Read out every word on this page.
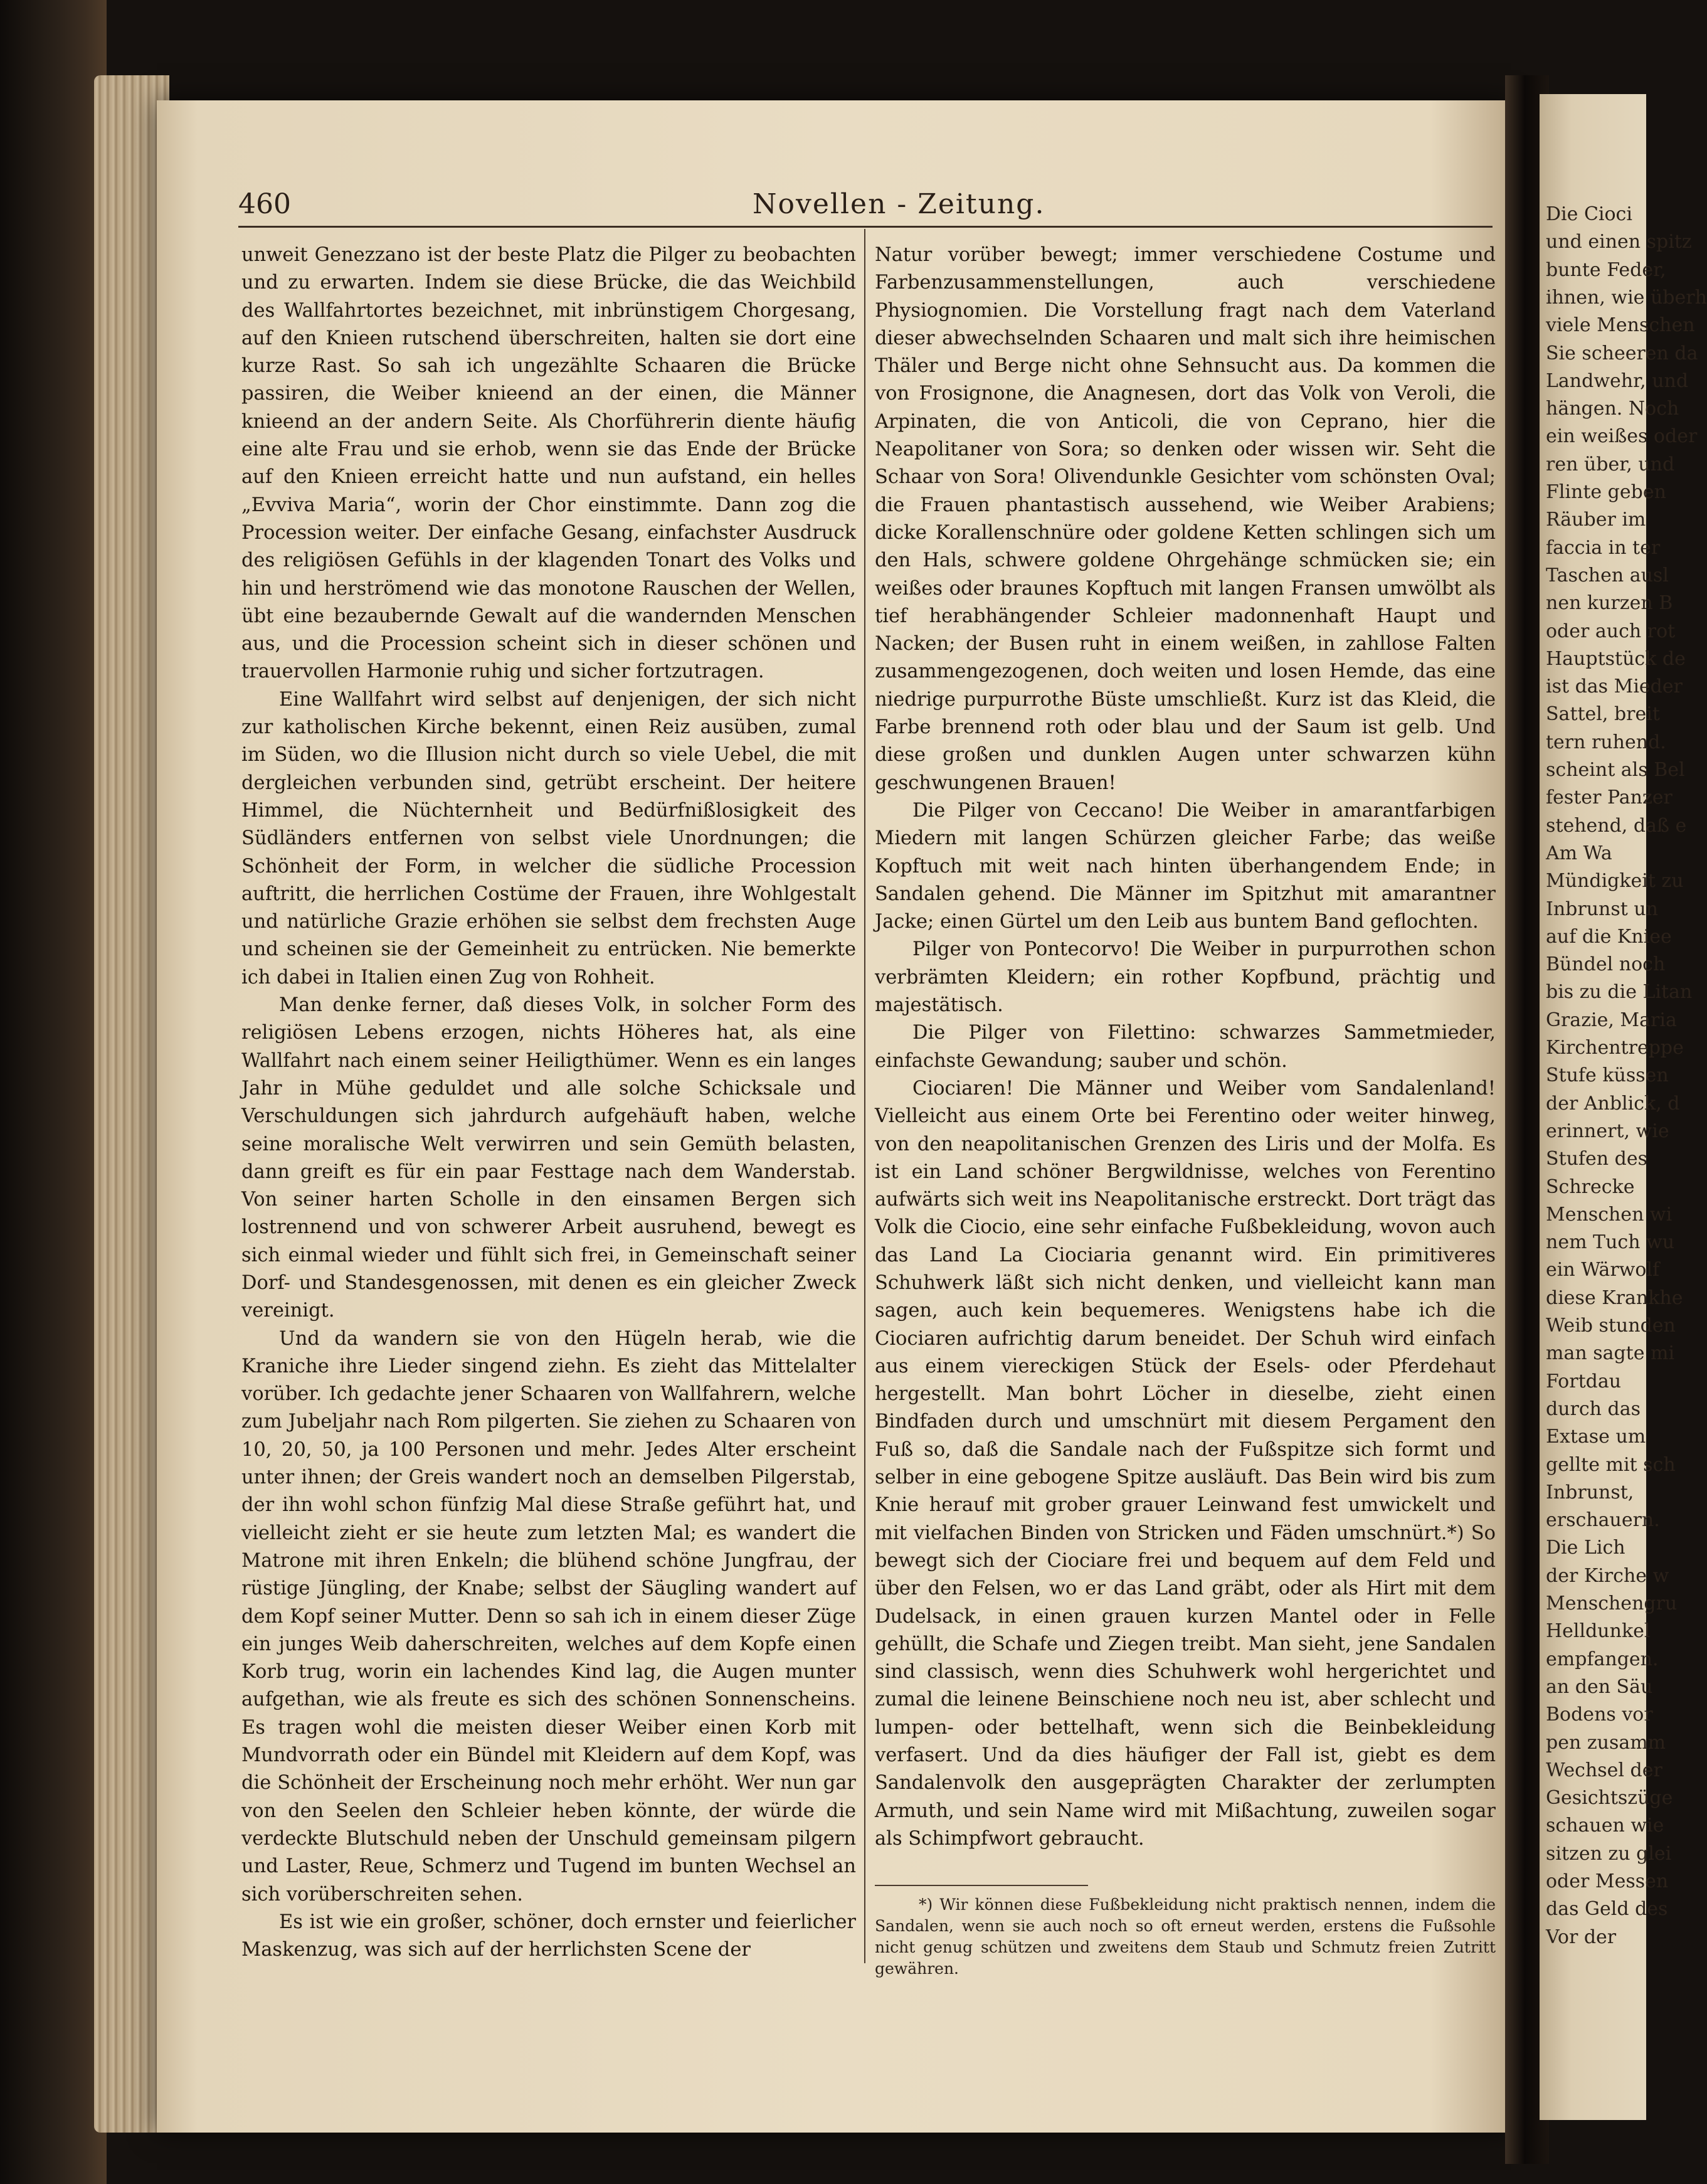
460	Novellen - Zeitung.

unweit Genezzano ist der beste Platz die Pilger zu beobachten und zu erwarten. Indem sie diese Brücke, die das Weichbild des Wallfahrtortes bezeichnet, mit inbrünstigem Chorgesang, auf den Knieen rutschend überschreiten, halten sie dort eine kurze Rast. So sah ich ungezählte Schaaren die Brücke passiren, die Weiber knieend an der einen, die Männer knieend an der andern Seite. Als Chorführerin diente häufig eine alte Frau und sie erhob, wenn sie das Ende der Brücke auf den Knieen erreicht hatte und nun aufstand, ein helles „Evviva Maria“, worin der Chor einstimmte. Dann zog die Procession weiter. Der einfache Gesang, einfachster Ausdruck des religiösen Gefühls in der klagenden Tonart des Volks und hin und herströmend wie das monotone Rauschen der Wellen, übt eine bezaubernde Gewalt auf die wandernden Menschen aus, und die Procession scheint sich in dieser schönen und trauervollen Harmonie ruhig und sicher fortzutragen.

Eine Wallfahrt wird selbst auf denjenigen, der sich nicht zur katholischen Kirche bekennt, einen Reiz ausüben, zumal im Süden, wo die Illusion nicht durch so viele Uebel, die mit dergleichen verbunden sind, getrübt erscheint. Der heitere Himmel, die Nüchternheit und Bedürfnißlosigkeit des Südländers entfernen von selbst viele Unordnungen; die Schönheit der Form, in welcher die südliche Procession auftritt, die herrlichen Costüme der Frauen, ihre Wohlgestalt und natürliche Grazie erhöhen sie selbst dem frechsten Auge und scheinen sie der Gemeinheit zu entrücken. Nie bemerkte ich dabei in Italien einen Zug von Rohheit.

Man denke ferner, daß dieses Volk, in solcher Form des religiösen Lebens erzogen, nichts Höheres hat, als eine Wallfahrt nach einem seiner Heiligthümer. Wenn es ein langes Jahr in Mühe geduldet und alle solche Schicksale und Verschuldungen sich jahrdurch aufgehäuft haben, welche seine moralische Welt verwirren und sein Gemüth belasten, dann greift es für ein paar Festtage nach dem Wanderstab. Von seiner harten Scholle in den einsamen Bergen sich lostrennend und von schwerer Arbeit ausruhend, bewegt es sich einmal wieder und fühlt sich frei, in Gemeinschaft seiner Dorf- und Standesgenossen, mit denen es ein gleicher Zweck vereinigt.

Und da wandern sie von den Hügeln herab, wie die Kraniche ihre Lieder singend ziehn. Es zieht das Mittelalter vorüber. Ich gedachte jener Schaaren von Wallfahrern, welche zum Jubeljahr nach Rom pilgerten. Sie ziehen zu Schaaren von 10, 20, 50, ja 100 Personen und mehr. Jedes Alter erscheint unter ihnen; der Greis wandert noch an demselben Pilgerstab, der ihn wohl schon fünfzig Mal diese Straße geführt hat, und vielleicht zieht er sie heute zum letzten Mal; es wandert die Matrone mit ihren Enkeln; die blühend schöne Jungfrau, der rüstige Jüngling, der Knabe; selbst der Säugling wandert auf dem Kopf seiner Mutter. Denn so sah ich in einem dieser Züge ein junges Weib daherschreiten, welches auf dem Kopfe einen Korb trug, worin ein lachendes Kind lag, die Augen munter aufgethan, wie als freute es sich des schönen Sonnenscheins. Es tragen wohl die meisten dieser Weiber einen Korb mit Mundvorrath oder ein Bündel mit Kleidern auf dem Kopf, was die Schönheit der Erscheinung noch mehr erhöht. Wer nun gar von den Seelen den Schleier heben könnte, der würde die verdeckte Blutschuld neben der Unschuld gemeinsam pilgern und Laster, Reue, Schmerz und Tugend im bunten Wechsel an sich vorüberschreiten sehen.

Es ist wie ein großer, schöner, doch ernster und feierlicher Maskenzug, was sich auf der herrlichsten Scene der

Natur vorüber bewegt; immer verschiedene Costume und Farbenzusammenstellungen, auch verschiedene Physiognomien. Die Vorstellung fragt nach dem Vaterland dieser abwechselnden Schaaren und malt sich ihre heimischen Thäler und Berge nicht ohne Sehnsucht aus. Da kommen die von Frosignone, die Anagnesen, dort das Volk von Veroli, die Arpinaten, die von Anticoli, die von Ceprano, hier die Neapolitaner von Sora; so denken oder wissen wir. Seht die Schaar von Sora! Olivendunkle Gesichter vom schönsten Oval; die Frauen phantastisch aussehend, wie Weiber Arabiens; dicke Korallenschnüre oder goldene Ketten schlingen sich um den Hals, schwere goldene Ohrgehänge schmücken sie; ein weißes oder braunes Kopftuch mit langen Fransen umwölbt als tief herabhängender Schleier madonnenhaft Haupt und Nacken; der Busen ruht in einem weißen, in zahllose Falten zusammengezogenen, doch weiten und losen Hemde, das eine niedrige purpurrothe Büste umschließt. Kurz ist das Kleid, die Farbe brennend roth oder blau und der Saum ist gelb. Und diese großen und dunklen Augen unter schwarzen kühn geschwungenen Brauen!

Die Pilger von Ceccano! Die Weiber in amarantfarbigen Miedern mit langen Schürzen gleicher Farbe; das weiße Kopftuch mit weit nach hinten überhangendem Ende; in Sandalen gehend. Die Männer im Spitzhut mit amarantner Jacke; einen Gürtel um den Leib aus buntem Band geflochten.

Pilger von Pontecorvo! Die Weiber in purpurrothen schon verbrämten Kleidern; ein rother Kopfbund, prächtig und majestätisch.

Die Pilger von Filettino: schwarzes Sammetmieder, einfachste Gewandung; sauber und schön.

Ciociaren! Die Männer und Weiber vom Sandalenland! Vielleicht aus einem Orte bei Ferentino oder weiter hinweg, von den neapolitanischen Grenzen des Liris und der Molfa. Es ist ein Land schöner Bergwildnisse, welches von Ferentino aufwärts sich weit ins Neapolitanische erstreckt. Dort trägt das Volk die Ciocio, eine sehr einfache Fußbekleidung, wovon auch das Land La Ciociaria genannt wird. Ein primitiveres Schuhwerk läßt sich nicht denken, und vielleicht kann man sagen, auch kein bequemeres. Wenigstens habe ich die Ciociaren aufrichtig darum beneidet. Der Schuh wird einfach aus einem viereckigen Stück der Esels- oder Pferdehaut hergestellt. Man bohrt Löcher in dieselbe, zieht einen Bindfaden durch und umschnürt mit diesem Pergament den Fuß so, daß die Sandale nach der Fußspitze sich formt und selber in eine gebogene Spitze ausläuft. Das Bein wird bis zum Knie herauf mit grober grauer Leinwand fest umwickelt und mit vielfachen Binden von Stricken und Fäden umschnürt.*) So bewegt sich der Ciociare frei und bequem auf dem Feld und über den Felsen, wo er das Land gräbt, oder als Hirt mit dem Dudelsack, in einen grauen kurzen Mantel oder in Felle gehüllt, die Schafe und Ziegen treibt. Man sieht, jene Sandalen sind classisch, wenn dies Schuhwerk wohl hergerichtet und zumal die leinene Beinschiene noch neu ist, aber schlecht und lumpen- oder bettelhaft, wenn sich die Beinbekleidung verfasert. Und da dies häufiger der Fall ist, giebt es dem Sandalenvolk den ausgeprägten Charakter der zerlumpten Armuth, und sein Name wird mit Mißachtung, zuweilen sogar als Schimpfwort gebraucht.

*) Wir können diese Fußbekleidung nicht praktisch nennen, indem die Sandalen, wenn sie auch noch so oft erneut werden, erstens die Fußsohle nicht genug schützen und zweitens dem Staub und Schmutz freien Zutritt gewähren.
Die Cioci
und einen spitz
bunte Feder,
ihnen, wie überh
viele Menschen
Sie scheeren da
Landwehr, und
hängen. Noch
ein weißes oder
ren über, und
Flinte geben
Räuber im
faccia in ter
Taschen ausl
nen kurzen B
oder auch rot
Hauptstück de
ist das Mieder
Sattel, breit
tern ruhend.
scheint als Bel
fester Panzer
stehend, daß e
Am Wa
Mündigkeit zu
Inbrunst un
auf die Kniee
Bündel noch
bis zu die Litan
Grazie, Maria
Kirchentreppe
Stufe küssen
der Anblick, d
erinnert, wie
Stufen des
Schrecke
Menschen wi
nem Tuch wu
ein Wärwolf
diese Krankhe
Weib stunden
man sagte mi
Fortdau
durch das
Extase um
gellte mit sch
Inbrunst,
erschauern.
Die Lich
der Kirche w
Menschengru
Helldunkel
empfangen.
an den Säu
Bodens vor
pen zusamm
Wechsel der
Gesichtszüge
schauen wie
sitzen zu glei
oder Messen
das Geld des
Vor der
